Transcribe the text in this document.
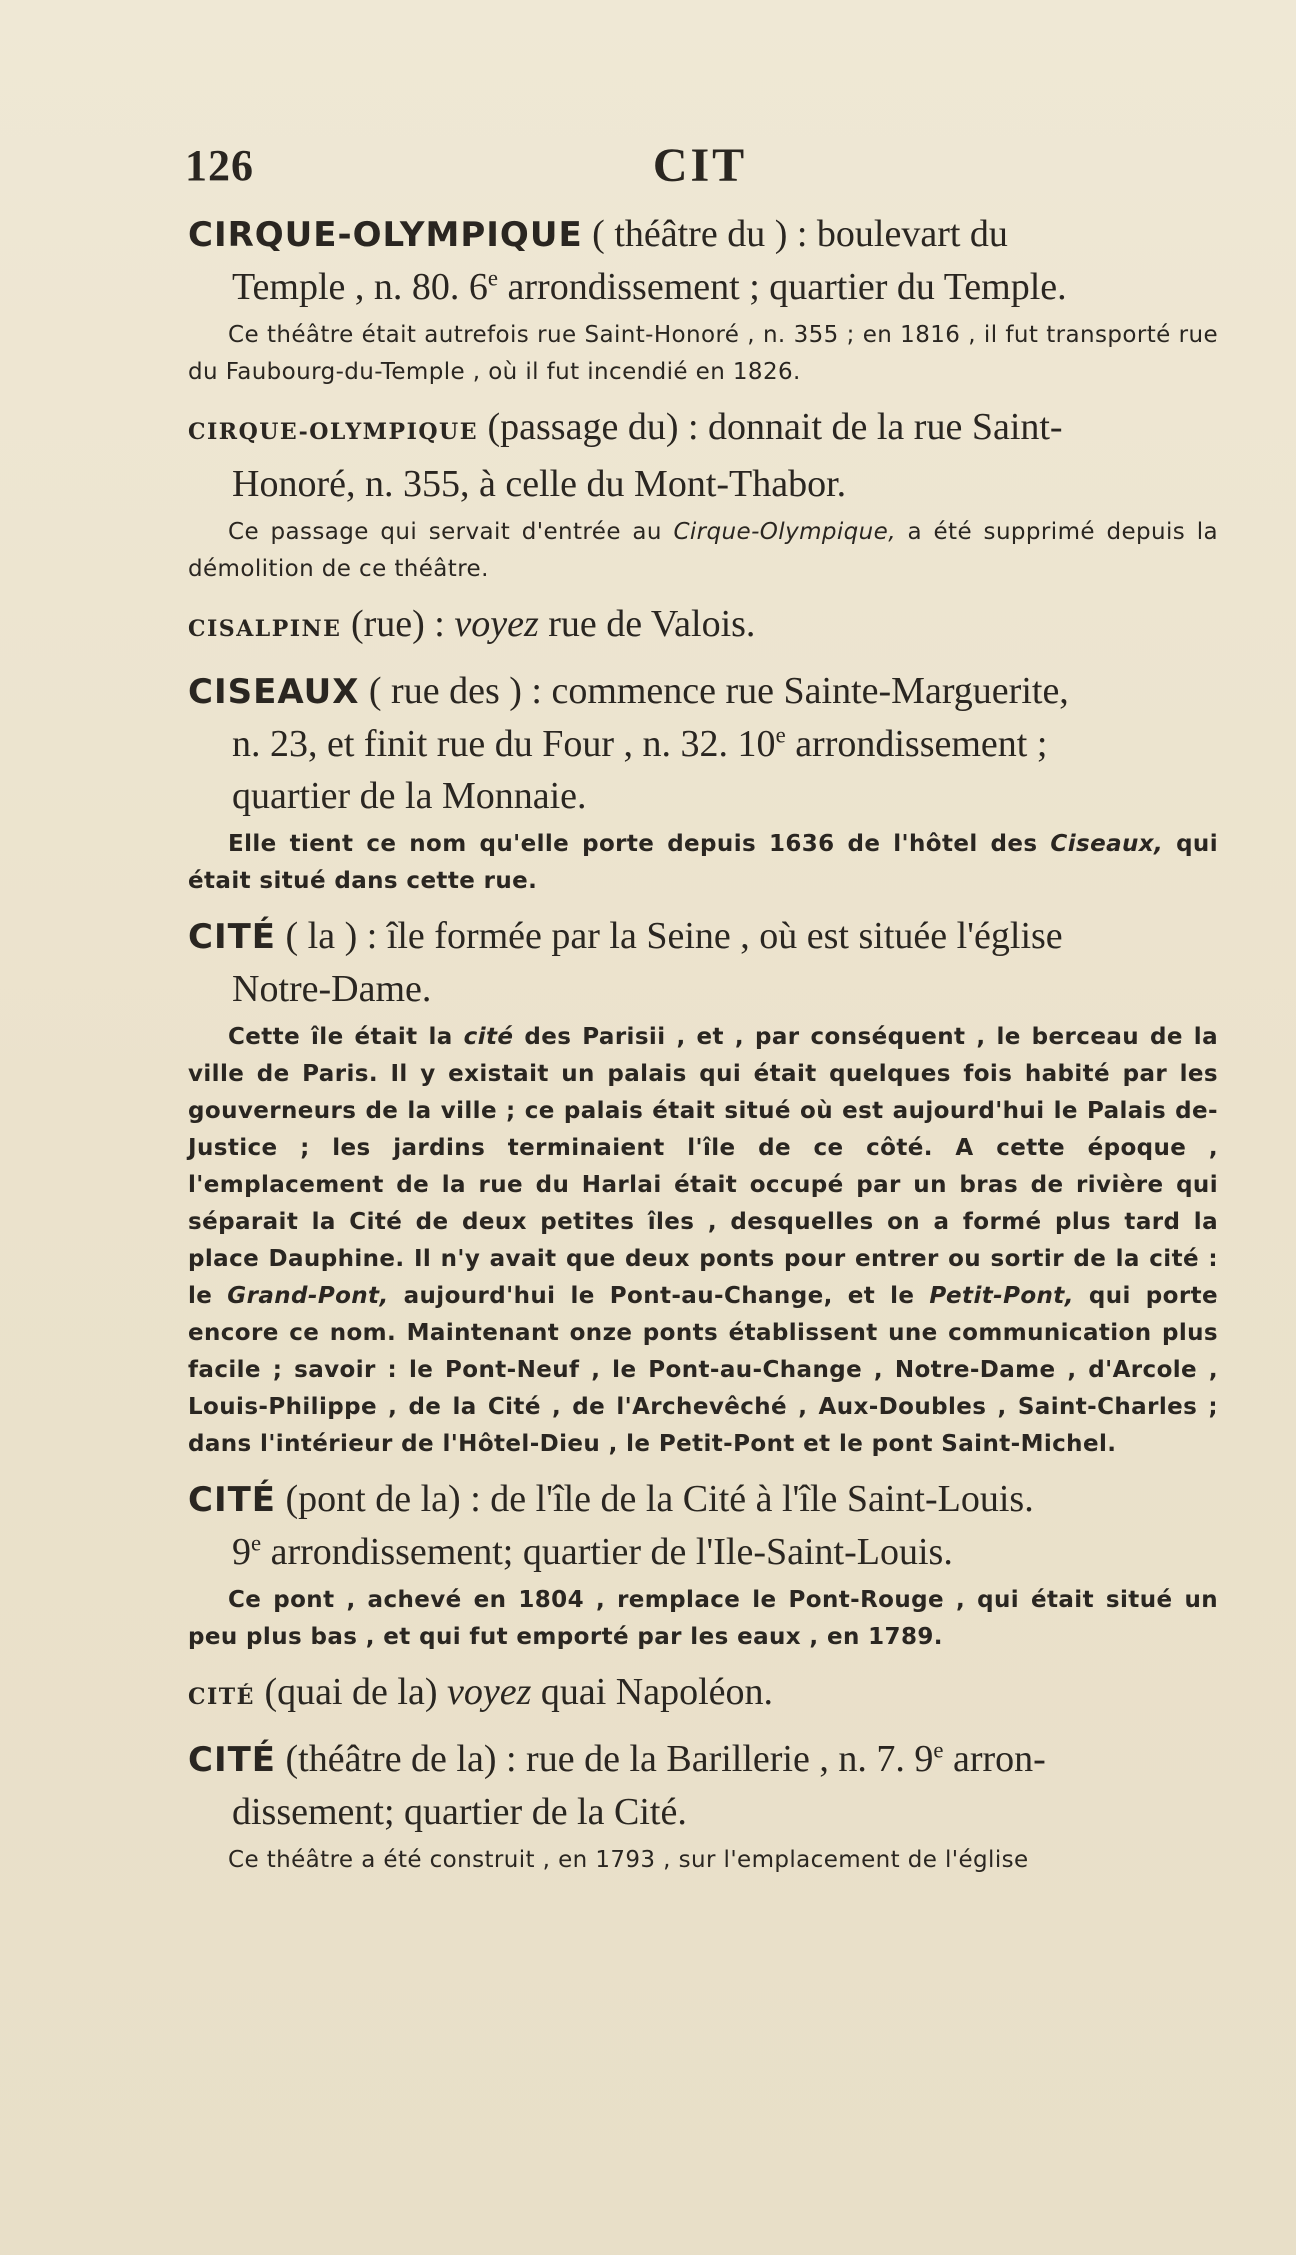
126	CIT
CIRQUE-OLYMPIQUE ( théâtre du ) : boulevart du
Temple , n. 80. 6e arrondissement ; quartier du Temple.
Ce théâtre était autrefois rue Saint-Honoré , n. 355 ; en 1816 , il fut transporté rue du Faubourg-du-Temple , où il fut incendié en 1826.
CIRQUE-OLYMPIQUE (passage du) : donnait de la rue Saint-
Honoré, n. 355, à celle du Mont-Thabor.
Ce passage qui servait d'entrée au Cirque-Olympique, a été supprimé depuis la démolition de ce théâtre.
CISALPINE (rue) : voyez rue de Valois.
CISEAUX ( rue des ) : commence rue Sainte-Marguerite,
n. 23, et finit rue du Four , n. 32. 10e arrondissement ;
quartier de la Monnaie.
Elle tient ce nom qu'elle porte depuis 1636 de l'hôtel des Ciseaux, qui était situé dans cette rue.
CITÉ ( la ) : île formée par la Seine , où est située l'église
Notre-Dame.
Cette île était la cité des Parisii , et , par conséquent , le berceau de la ville de Paris. Il y existait un palais qui était quelques fois habité par les gouverneurs de la ville ; ce palais était situé où est aujourd'hui le Palais de-Justice ; les jardins terminaient l'île de ce côté. A cette époque , l'emplacement de la rue du Harlai était occupé par un bras de rivière qui séparait la Cité de deux petites îles , desquelles on a formé plus tard la place Dauphine. Il n'y avait que deux ponts pour entrer ou sortir de la cité : le Grand-Pont, aujourd'hui le Pont-au-Change, et le Petit-Pont, qui porte encore ce nom. Maintenant onze ponts établissent une communication plus facile ; savoir : le Pont-Neuf , le Pont-au-Change , Notre-Dame , d'Arcole , Louis-Philippe , de la Cité , de l'Archevêché , Aux-Doubles , Saint-Charles ; dans l'intérieur de l'Hôtel-Dieu , le Petit-Pont et le pont Saint-Michel.
CITÉ (pont de la) : de l'île de la Cité à l'île Saint-Louis.
9e arrondissement; quartier de l'Ile-Saint-Louis.
Ce pont , achevé en 1804 , remplace le Pont-Rouge , qui était situé un peu plus bas , et qui fut emporté par les eaux , en 1789.
CITÉ (quai de la) voyez quai Napoléon.
CITÉ (théâtre de la) : rue de la Barillerie , n. 7. 9e arron-
dissement; quartier de la Cité.
Ce théâtre a été construit , en 1793 , sur l'emplacement de l'église
